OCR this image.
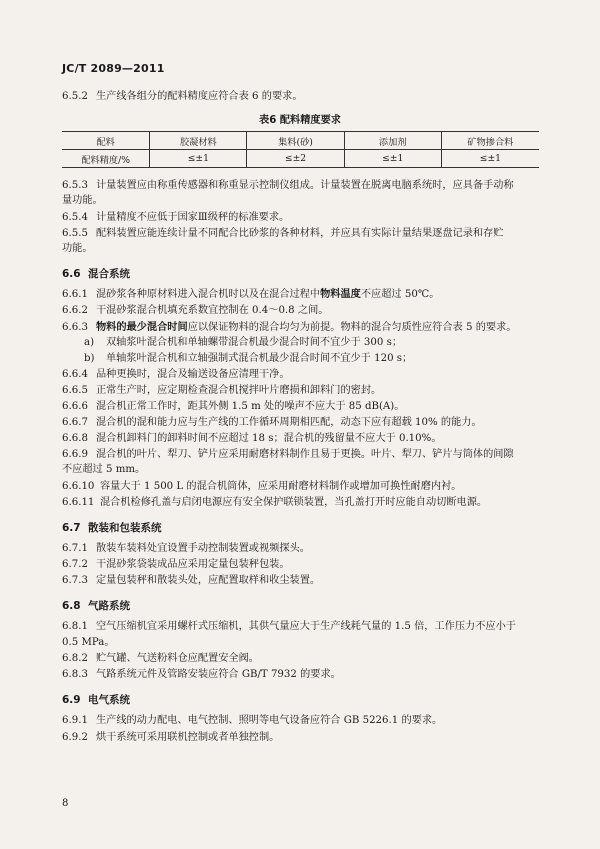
JC/T 2089—2011
6.5.2 生产线各组分的配料精度应符合表 6 的要求。
表6 配料精度要求
配料	胶凝材料	集料(砂)	添加剂	矿物掺合料
配料精度/%	≤±1	≤±2	≤±1	≤±1
6.5.3 计量装置应由称重传感器和称重显示控制仪组成。计量装置在脱离电脑系统时，应具备手动称
量功能。
6.5.4 计量精度不应低于国家Ⅲ级秤的标准要求。
6.5.5 配料装置应能连续计量不同配合比砂浆的各种材料，并应具有实际计量结果逐盘记录和存贮
功能。
6.6 混合系统
6.6.1 混砂浆各种原材料进入混合机时以及在混合过程中物料温度不应超过 50℃。
6.6.2 干混砂浆混合机填充系数宜控制在 0.4～0.8 之间。
6.6.3 物料的最少混合时间应以保证物料的混合均匀为前提。物料的混合匀质性应符合表 5 的要求。
a) 双轴浆叶混合机和单轴螺带混合机最少混合时间不宜少于 300 s；
b) 单轴浆叶混合机和立轴强制式混合机最少混合时间不宜少于 120 s；
6.6.4 品种更换时，混合及输送设备应清理干净。
6.6.5 正常生产时，应定期检查混合机搅拌叶片磨损和卸料门的密封。
6.6.6 混合机正常工作时，距其外侧 1.5 m 处的噪声不应大于 85 dB(A)。
6.6.7 混合机的混和能力应与生产线的工作循环周期相匹配，动态下应有超载 10% 的能力。
6.6.8 混合机卸料门的卸料时间不应超过 18 s；混合机的残留量不应大于 0.10%。
6.6.9 混合机的叶片、犁刀、铲片应采用耐磨材料制作且易于更换。叶片、犁刀、铲片与筒体的间隙
不应超过 5 mm。
6.6.10 容量大于 1 500 L 的混合机筒体，应采用耐磨材料制作或增加可换性耐磨内衬。
6.6.11 混合机检修孔盖与启闭电源应有安全保护联锁装置，当孔盖打开时应能自动切断电源。
6.7 散装和包装系统
6.7.1 散装车装料处宜设置手动控制装置或视频探头。
6.7.2 干混砂浆袋装成品应采用定量包装秤包装。
6.7.3 定量包装秤和散装头处，应配置取样和收尘装置。
6.8 气路系统
6.8.1 空气压缩机宜采用螺杆式压缩机，其供气量应大于生产线耗气量的 1.5 倍，工作压力不应小于
0.5 MPa。
6.8.2 贮气罐、气送粉料仓应配置安全阀。
6.8.3 气路系统元件及管路安装应符合 GB/T 7932 的要求。
6.9 电气系统
6.9.1 生产线的动力配电、电气控制、照明等电气设备应符合 GB 5226.1 的要求。
6.9.2 烘干系统可采用联机控制或者单独控制。
8
